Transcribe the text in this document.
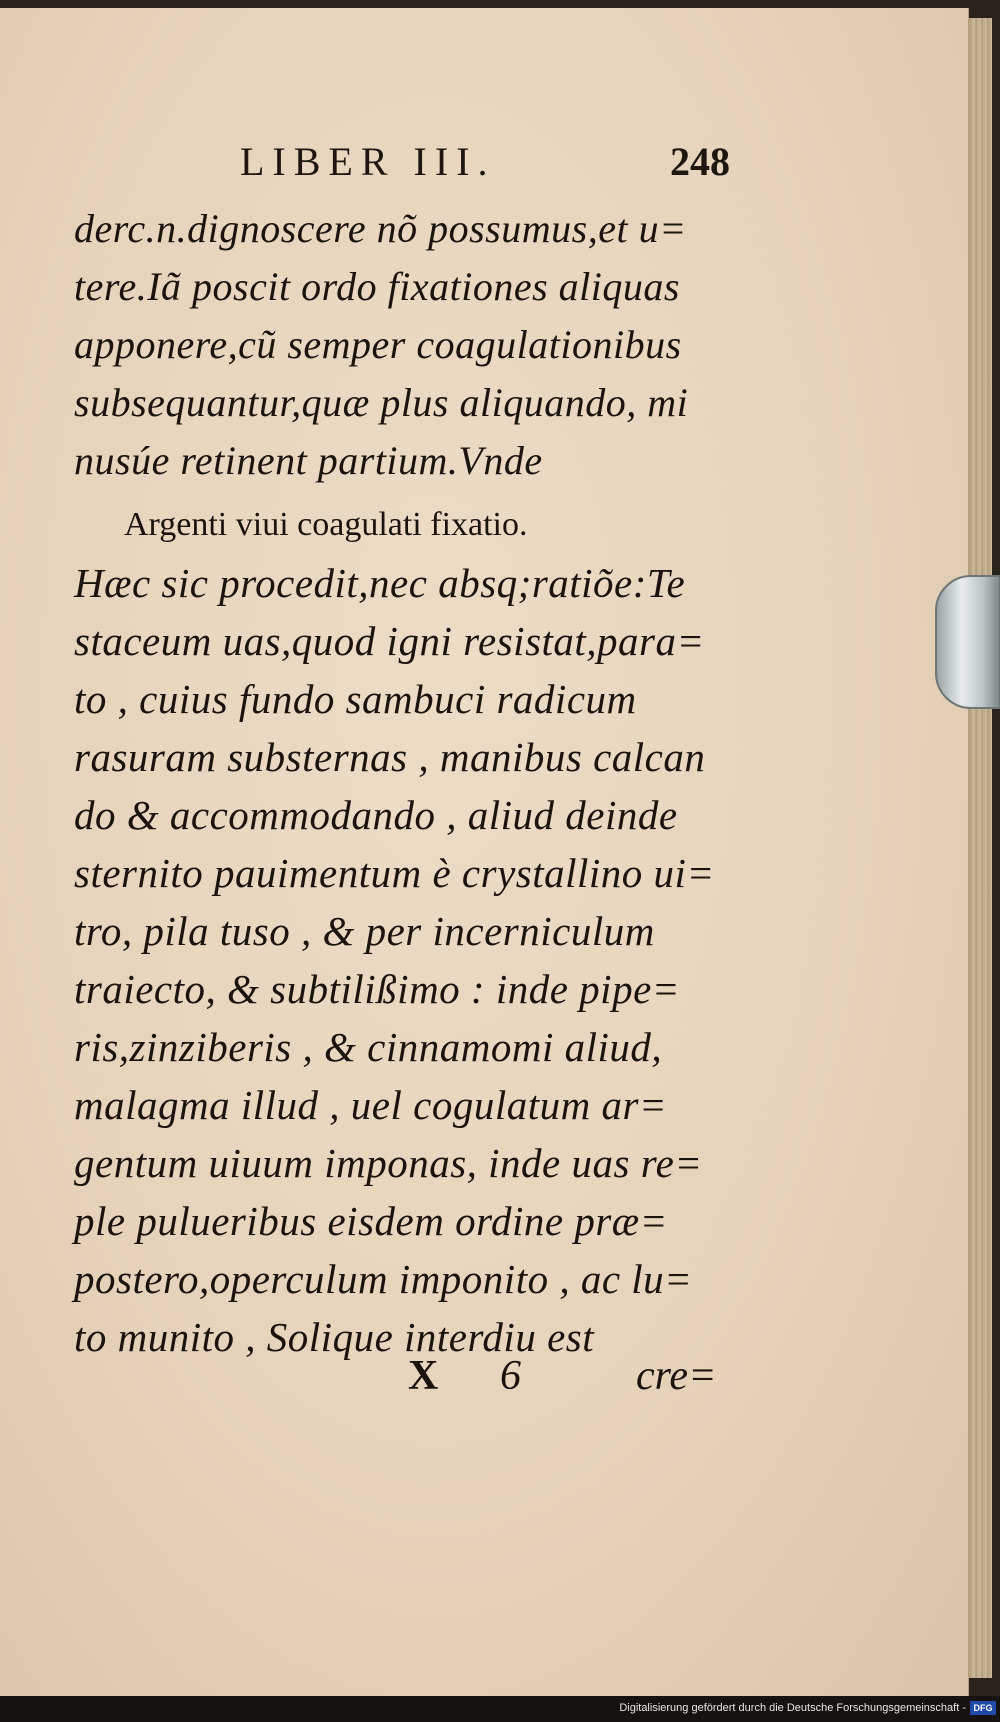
LIBER III.	248
derc.n.dignoscere nõ possumus,et u=
tere.Iã poscit ordo fixationes aliquas
apponere,cũ semper coagulationibus
subsequantur,quæ plus aliquando, mi
nusúe retinent partium.Vnde
Argenti viui coagulati fixatio.
Hæc sic procedit,nec absq;ratiõe:Te
staceum uas,quod igni resistat,para=
to , cuius fundo sambuci radicum
rasuram substernas , manibus calcan
do & accommodando , aliud deinde
sternito pauimentum è crystallino ui=
tro, pila tuso , & per incerniculum
traiecto, & subtilißimo : inde pipe=
ris,zinziberis , & cinnamomi aliud,
malagma illud , uel cogulatum ar=
gentum uiuum imponas, inde uas re=
ple pulueribus eisdem ordine præ=
postero,operculum imponito , ac lu=
to munito , Solique interdiu est
X 6	cre=
Digitalisierung gefördert durch die Deutsche Forschungsgemeinschaft - DFG
